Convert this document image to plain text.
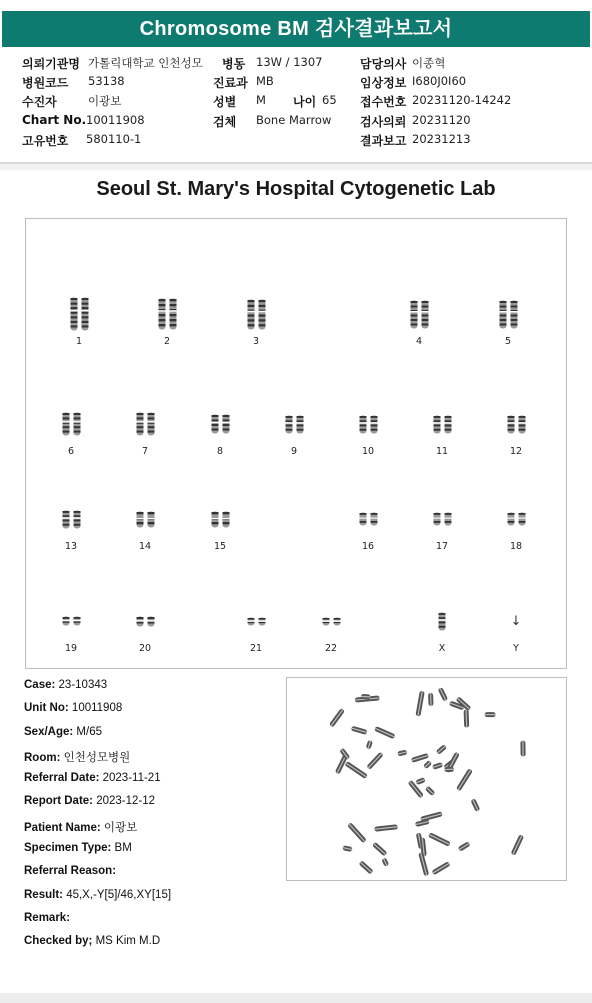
Chromosome BM 검사결과보고서
의뢰기관명 가톨릭대학교 인천성모 병동 13W / 1307	담당의사 이종혁
병원코드 53138	진료과 MB	임상정보 I680J0I60
수진자	이광보	성별 M 나이 65 접수번호 20231120-14242
Chart No. 10011908	검체 Bone Marrow 검사의뢰 20231120
고유번호 580110-1	결과보고 20231213
Seoul St. Mary's Hospital Cytogenetic Lab
1	2	3	4	5
6	7	8	9	10	11	12
13	14	15	16	17	18
19	20	21	22	X
↓
Y
Case: 23-10343
Unit No: 10011908
Sex/Age: M/65
Room: 인천성모병원
Referral Date: 2023-11-21
Report Date: 2023-12-12
Patient Name: 이광보
Specimen Type: BM
Referral Reason:
Result: 45,X,-Y[5]/46,XY[15]
Remark:
Checked by; MS Kim M.D
